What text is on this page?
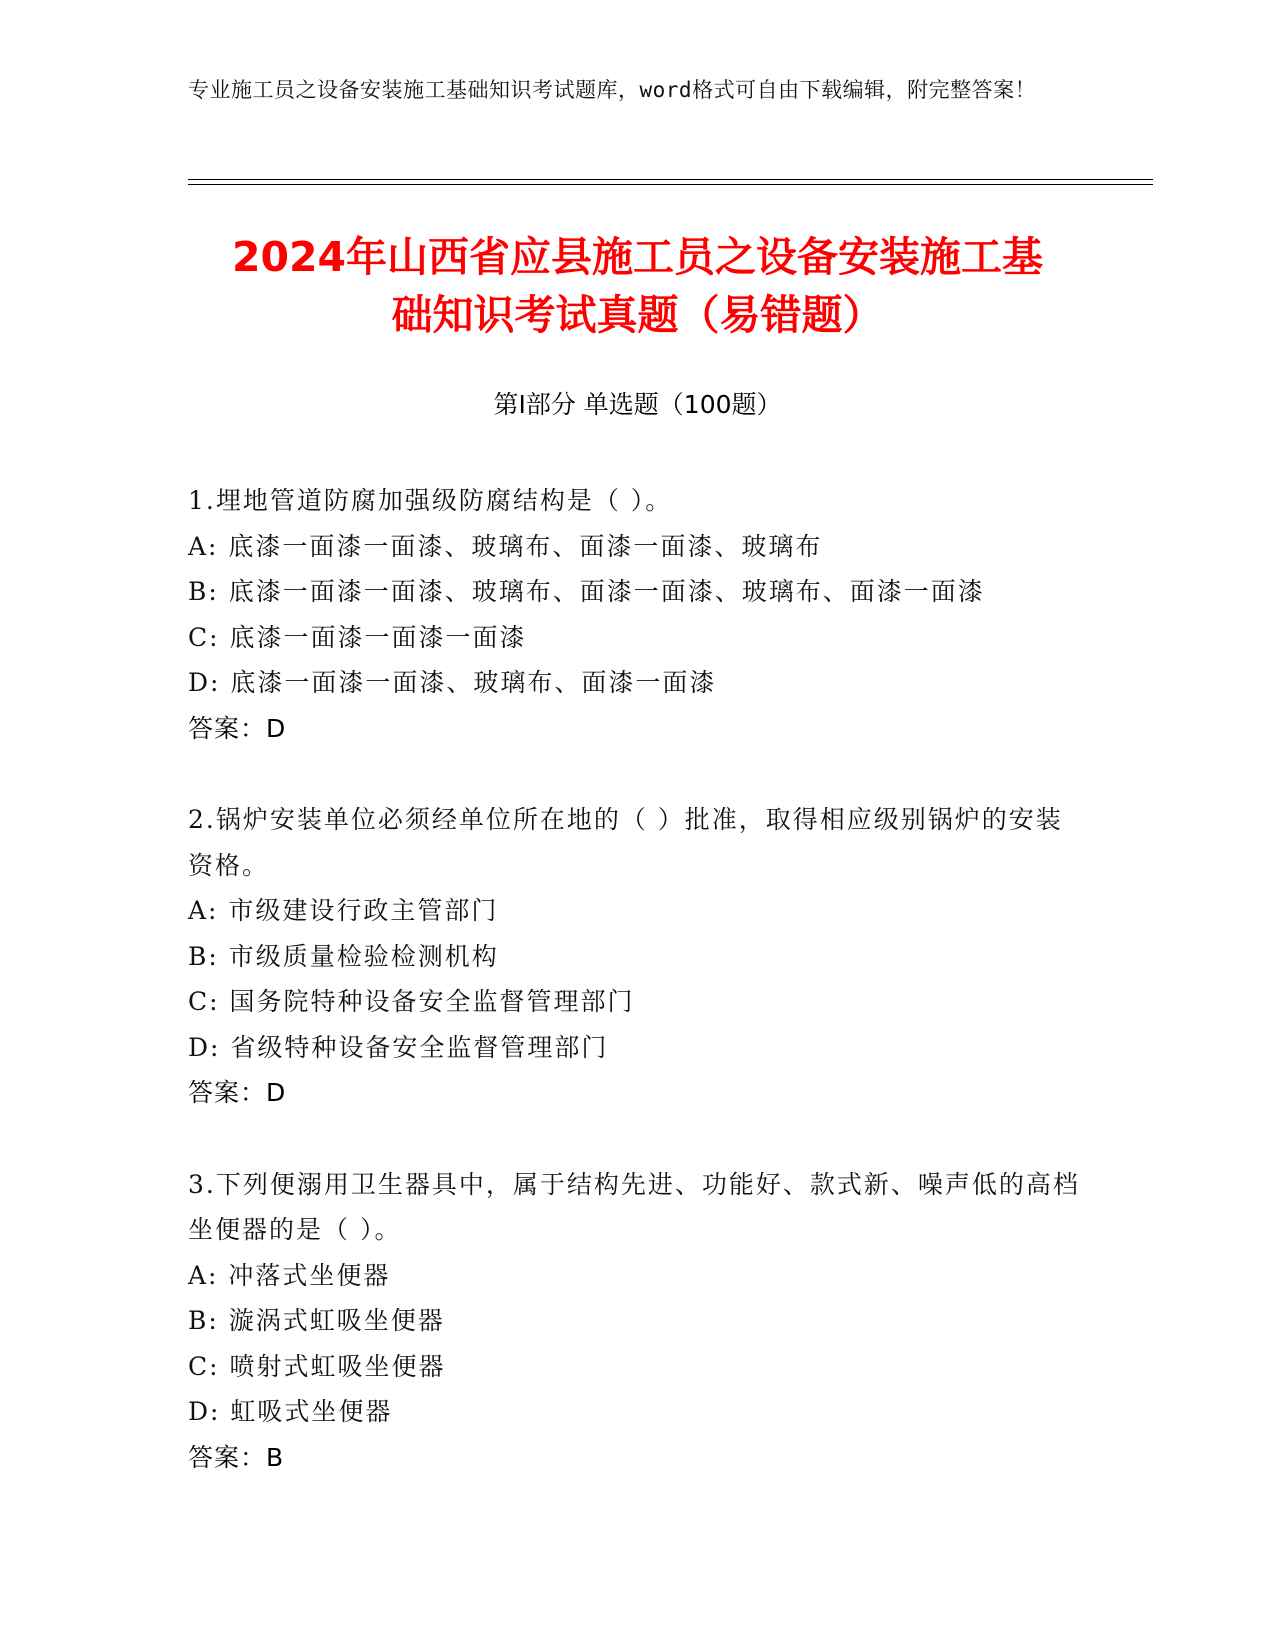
专业施工员之设备安装施工基础知识考试题库，word格式可自由下载编辑，附完整答案！
2024年山西省应县施工员之设备安装施工基
础知识考试真题（易错题）
第Ⅰ部分 单选题（100题）
1.埋地管道防腐加强级防腐结构是（ ）。
A: 底漆一面漆一面漆、玻璃布、面漆一面漆、玻璃布
B: 底漆一面漆一面漆、玻璃布、面漆一面漆、玻璃布、面漆一面漆
C: 底漆一面漆一面漆一面漆
D: 底漆一面漆一面漆、玻璃布、面漆一面漆
答案：D
2.锅炉安装单位必须经单位所在地的（ ）批准，取得相应级别锅炉的安装资格。
A: 市级建设行政主管部门
B: 市级质量检验检测机构
C: 国务院特种设备安全监督管理部门
D: 省级特种设备安全监督管理部门
答案：D
3.下列便溺用卫生器具中，属于结构先进、功能好、款式新、噪声低的高档坐便器的是（ ）。
A: 冲落式坐便器
B: 漩涡式虹吸坐便器
C: 喷射式虹吸坐便器
D: 虹吸式坐便器
答案：B
